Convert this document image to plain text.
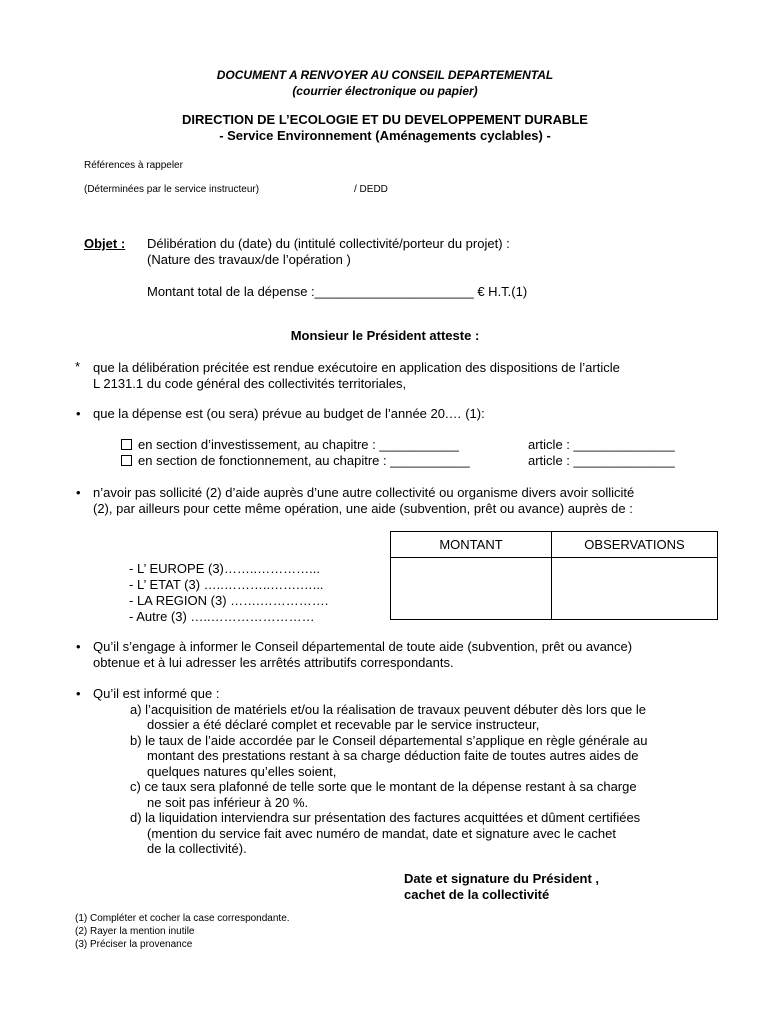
DOCUMENT A RENVOYER AU CONSEIL DEPARTEMENTAL
(courrier électronique ou papier)
DIRECTION DE L’ECOLOGIE ET DU DEVELOPPEMENT DURABLE
- Service Environnement (Aménagements cyclables) -
Références à rappeler
(Déterminées par le service instructeur)	/ DEDD
Objet : Délibération du (date) du (intitulé collectivité/porteur du projet) :
(Nature des travaux/de l’opération )
Montant total de la dépense :______________________ € H.T.(1)
Monsieur le Président atteste :
* que la délibération précitée est rendue exécutoire en application des dispositions de l’article
L 2131.1 du code général des collectivités territoriales,
• que la dépense est (ou sera) prévue au budget de l’année 20.… (1):
en section d’investissement, au chapitre : ___________	article : ______________
en section de fonctionnement, au chapitre : ___________	article : ______________
• n’avoir pas sollicité (2) d’aide auprès d’une autre collectivité ou organisme divers avoir sollicité
(2), par ailleurs pour cette même opération, une aide (subvention, prêt ou avance) auprès de :
MONTANT	OBSERVATIONS

- L’ EUROPE (3)……..…………...
- L’ ETAT (3) …..………..…….…...
- LA REGION (3) …….…………….
- Autre (3) …..……………………
• Qu’il s’engage à informer le Conseil départemental de toute aide (subvention, prêt ou avance)
obtenue et à lui adresser les arrêtés attributifs correspondants.
• Qu’il est informé que :
a) l’acquisition de matériels et/ou la réalisation de travaux peuvent débuter dès lors que le
dossier a été déclaré complet et recevable par le service instructeur,
b) le taux de l’aide accordée par le Conseil départemental s’applique en règle générale au
montant des prestations restant à sa charge déduction faite de toutes autres aides de
quelques natures qu’elles soient,
c) ce taux sera plafonné de telle sorte que le montant de la dépense restant à sa charge
ne soit pas inférieur à 20 %.
d) la liquidation interviendra sur présentation des factures acquittées et dûment certifiées
(mention du service fait avec numéro de mandat, date et signature avec le cachet
de la collectivité).
Date et signature du Président ,
cachet de la collectivité
(1) Compléter et cocher la case correspondante.
(2) Rayer la mention inutile
(3) Préciser la provenance
